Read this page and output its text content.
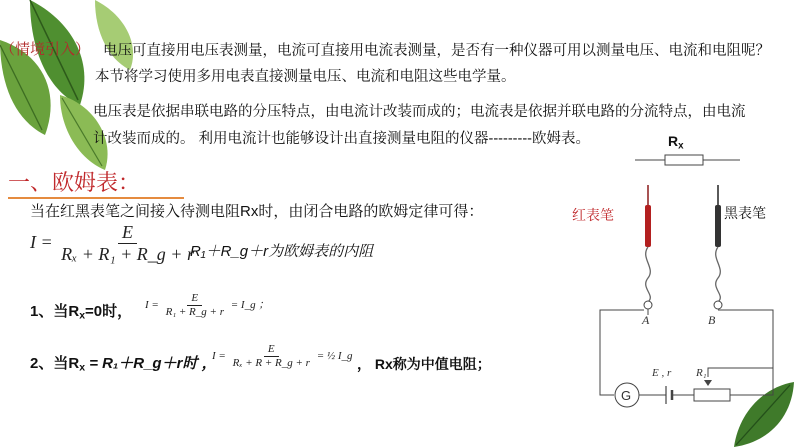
（情境引入） 电压可直接用电压表测量，电流可直接用电流表测量，是否有一种仪器可用以测量电压、电流和电阻呢？
本节将学习使用多用电表直接测量电压、电流和电阻这些电学量。
电压表是依据串联电路的分压特点，由电流计改装而成的；电流表是依据并联电路的分流特点，由电流
计改装而成的。 利用电流计也能够设计出直接测量电阻的仪器---------欧姆表。
一、欧姆表：
当在红黑表笔之间接入待测电阻Rx时，由闭合电路的欧姆定律可得：
$I = \frac{E}{\text{Rₓ + R₁ + R\_g + r}}$
R₁＋R_g＋r为欧姆表的内阻
1、当$R_x=0$时， $I = \frac{E}{\text{R₁ + R\_g + r}}$ = I_g ；
2、当$R_x$ = R₁＋R_g＋r时 ，
$I = \frac{E}{\text{Rₓ + R + R\_g + r}}$ = ½ I_g
， Rx称为中值电阻；
$R_x$
红表笔	黑表笔
A	B
G
E , r R₁
